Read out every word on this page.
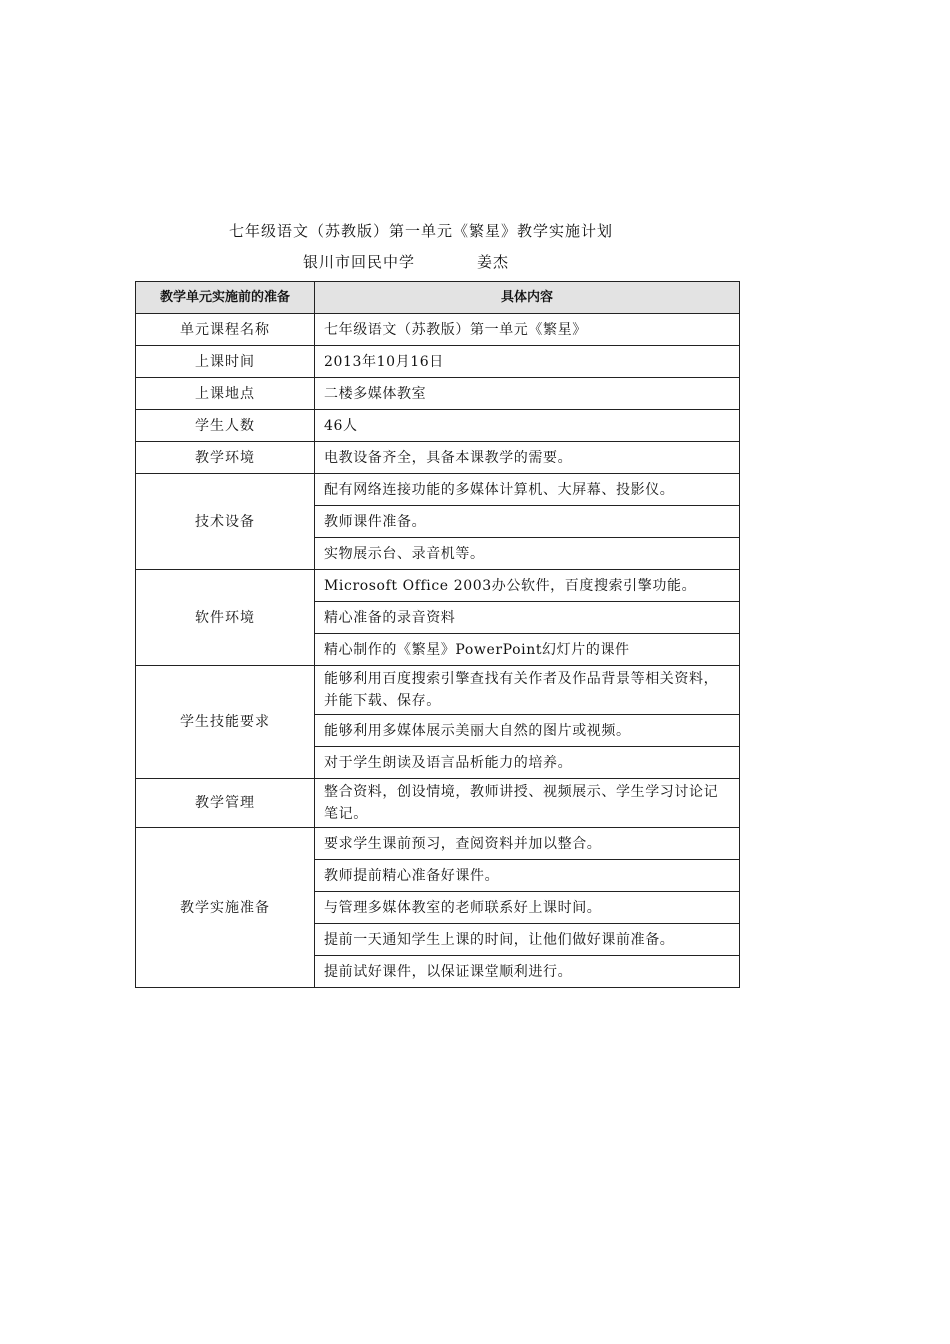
七年级语文（苏教版）第一单元《繁星》教学实施计划
银川市回民中学	姜杰
教学单元实施前的准备	具体内容
单元课程名称	七年级语文（苏教版）第一单元《繁星》
上课时间	2013年10月16日
上课地点	二楼多媒体教室
学生人数	46人
教学环境	电教设备齐全，具备本课教学的需要。
技术设备	配有网络连接功能的多媒体计算机、大屏幕、投影仪。
	教师课件准备。
	实物展示台、录音机等。
软件环境	Microsoft Office 2003办公软件，百度搜索引擎功能。
	精心准备的录音资料
	精心制作的《繁星》PowerPoint幻灯片的课件
学生技能要求	能够利用百度搜索引擎查找有关作者及作品背景等相关资料，并能下载、保存。
	能够利用多媒体展示美丽大自然的图片或视频。
	对于学生朗读及语言品析能力的培养。
教学管理	整合资料，创设情境，教师讲授、视频展示、学生学习讨论记笔记。
教学实施准备	要求学生课前预习，查阅资料并加以整合。
	教师提前精心准备好课件。
	与管理多媒体教室的老师联系好上课时间。
	提前一天通知学生上课的时间，让他们做好课前准备。
	提前试好课件，以保证课堂顺利进行。
